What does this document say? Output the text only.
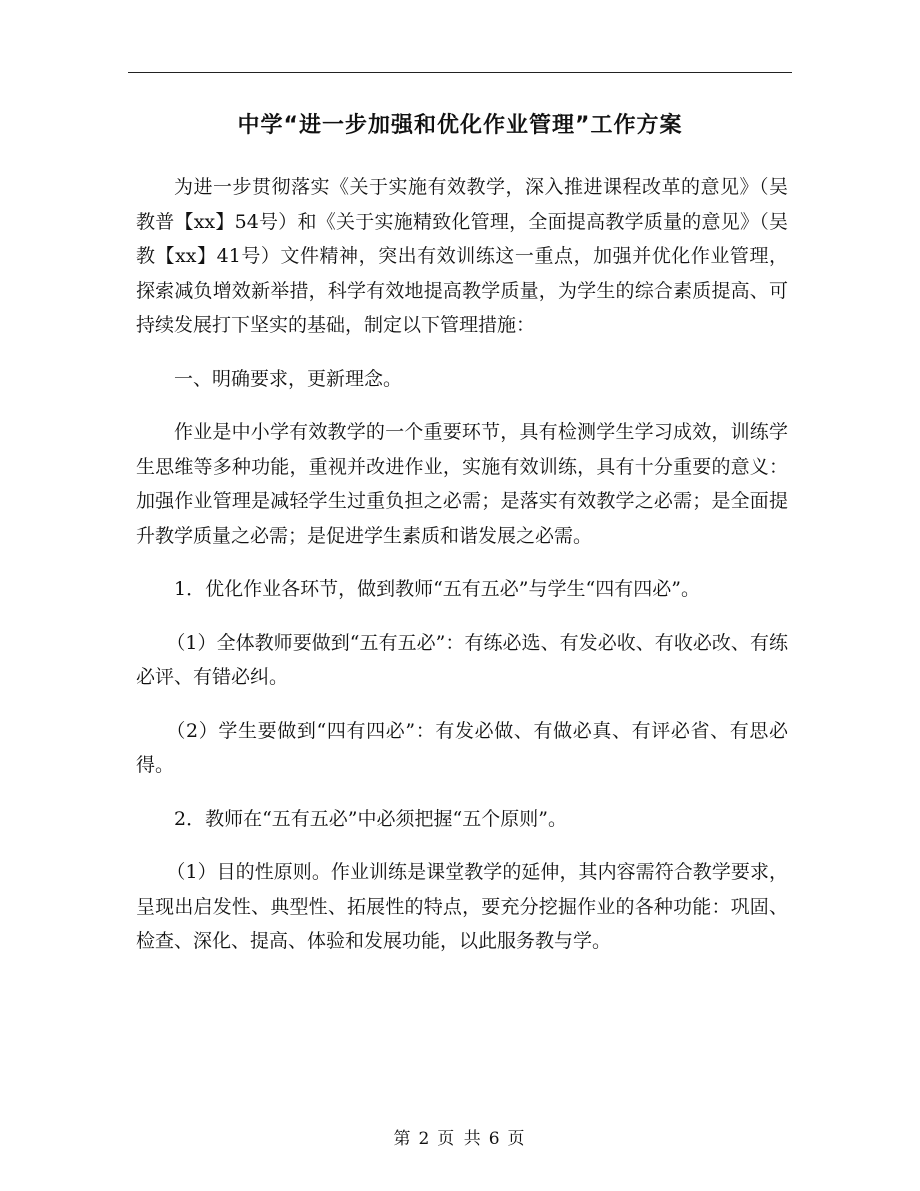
中学“进一步加强和优化作业管理”工作方案

为进一步贯彻落实《关于实施有效教学，深入推进课程改革的意见》（吴教普【xx】54号）和《关于实施精致化管理，全面提高教学质量的意见》（吴教【xx】41号）文件精神，突出有效训练这一重点，加强并优化作业管理，探索减负增效新举措，科学有效地提高教学质量，为学生的综合素质提高、可持续发展打下坚实的基础，制定以下管理措施：

一、明确要求，更新理念。

作业是中小学有效教学的一个重要环节，具有检测学生学习成效，训练学生思维等多种功能，重视并改进作业，实施有效训练，具有十分重要的意义：加强作业管理是减轻学生过重负担之必需；是落实有效教学之必需；是全面提升教学质量之必需；是促进学生素质和谐发展之必需。

1．优化作业各环节，做到教师“五有五必”与学生“四有四必”。

（1）全体教师要做到“五有五必”：有练必选、有发必收、有收必改、有练必评、有错必纠。

（2）学生要做到“四有四必”：有发必做、有做必真、有评必省、有思必得。

2．教师在“五有五必”中必须把握“五个原则”。

（1）目的性原则。作业训练是课堂教学的延伸，其内容需符合教学要求，呈现出启发性、典型性、拓展性的特点，要充分挖掘作业的各种功能：巩固、检查、深化、提高、体验和发展功能，以此服务教与学。

第 2 页 共 6 页
